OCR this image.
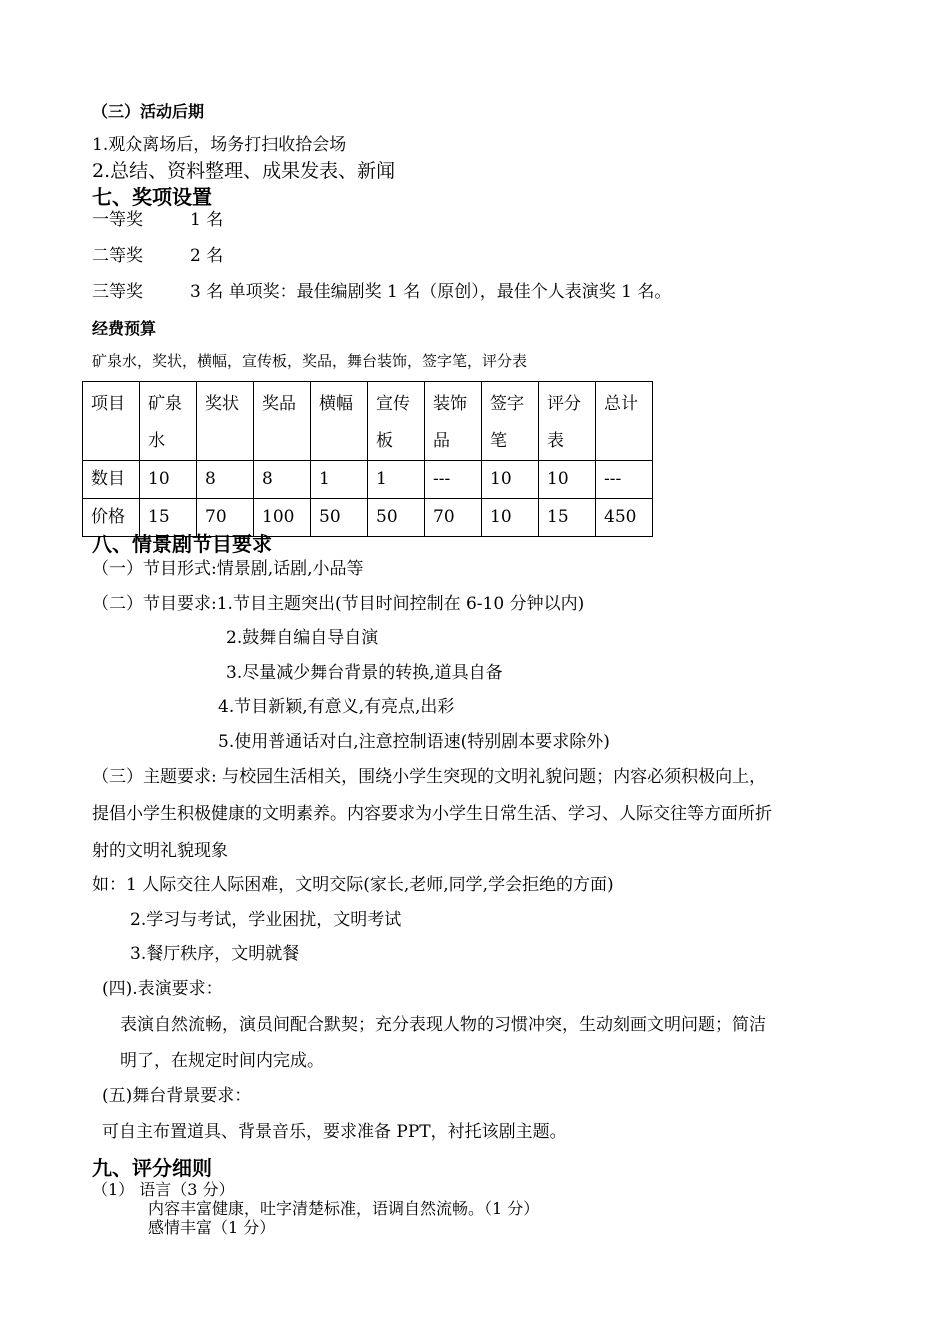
（三）活动后期
1.观众离场后，场务打扫收拾会场
2.总结、资料整理、成果发表、新闻
七、奖项设置
一等奖	1 名
二等奖	2 名
三等奖	3 名 单项奖：最佳编剧奖 1 名（原创），最佳个人表演奖 1 名。
经费预算
矿泉水，奖状，横幅，宣传板，奖品，舞台装饰，签字笔，评分表
项目	矿泉水	奖状	奖品	横幅	宣传板	装饰品	签字笔	评分表	总计
数目	10	8	8	1	1	---	10	10	---
价格	15	70	100	50	50	70	10	15	450
八、情景剧节目要求
（一）节目形式:情景剧,话剧,小品等
（二）节目要求:1.节目主题突出(节目时间控制在 6-10 分钟以内)
2.鼓舞自编自导自演
3.尽量减少舞台背景的转换,道具自备
4.节目新颖,有意义,有亮点,出彩
5.使用普通话对白,注意控制语速(特别剧本要求除外)
（三）主题要求: 与校园生活相关，围绕小学生突现的文明礼貌问题；内容必须积极向上，
提倡小学生积极健康的文明素养。内容要求为小学生日常生活、学习、人际交往等方面所折
射的文明礼貌现象
如：1 人际交往人际困难，文明交际(家长,老师,同学,学会拒绝的方面)
2.学习与考试，学业困扰，文明考试
3.餐厅秩序，文明就餐
(四).表演要求：
表演自然流畅，演员间配合默契；充分表现人物的习惯冲突，生动刻画文明问题；简洁
明了，在规定时间内完成。
(五)舞台背景要求：
可自主布置道具、背景音乐，要求准备 PPT，衬托该剧主题。
九、评分细则
（1） 语言（3 分）
内容丰富健康，吐字清楚标准，语调自然流畅。（1 分）
感情丰富（1 分）
